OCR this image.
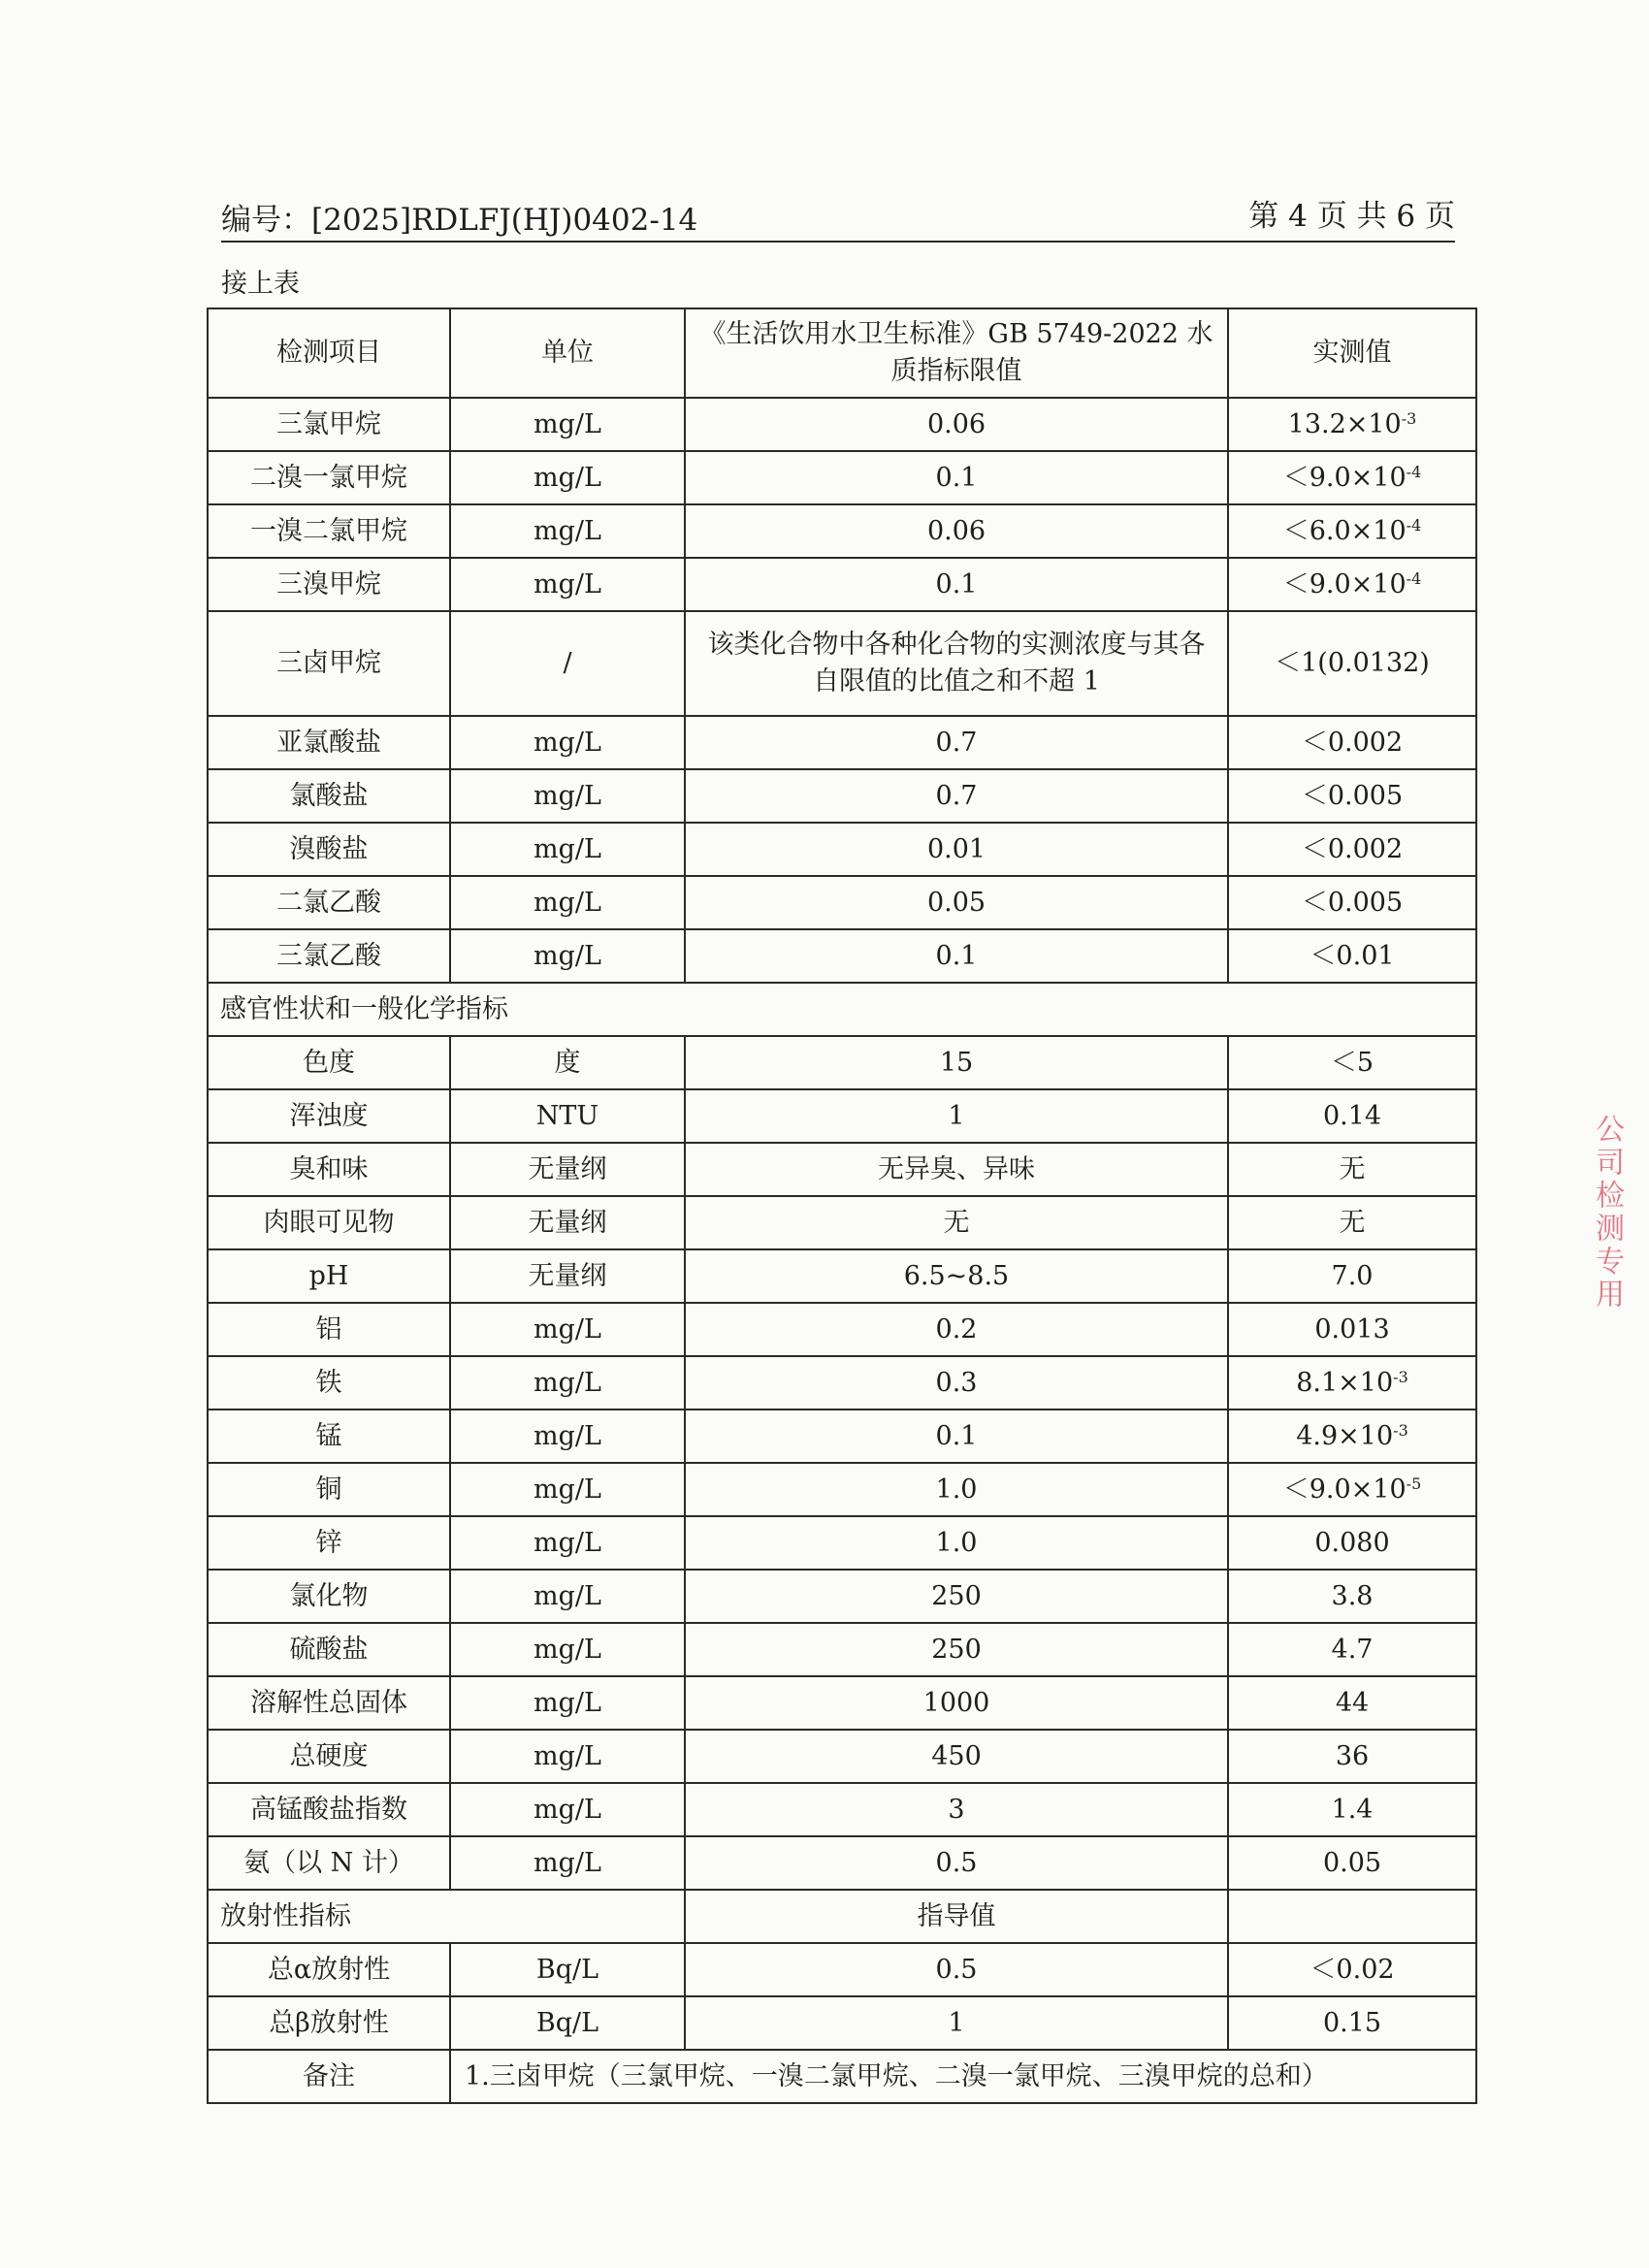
编号：[2025]RDLFJ(HJ)0402-14	第 4 页 共 6 页
接上表
检测项目	单位	《生活饮用水卫生标准》GB 5749-2022 水质指标限值	实测值
三氯甲烷	mg/L	0.06	$13.2\times 10^{-3}$
二溴一氯甲烷	mg/L	0.1	$<9.0\times 10^{-4}$
一溴二氯甲烷	mg/L	0.06	$<6.0\times 10^{-4}$
三溴甲烷	mg/L	0.1	$<9.0\times 10^{-4}$
三卤甲烷	/	该类化合物中各种化合物的实测浓度与其各自限值的比值之和不超 1	＜1(0.0132)
亚氯酸盐	mg/L	0.7	＜0.002
氯酸盐	mg/L	0.7	＜0.005
溴酸盐	mg/L	0.01	＜0.002
二氯乙酸	mg/L	0.05	＜0.005
三氯乙酸	mg/L	0.1	＜0.01
感官性状和一般化学指标			
色度	度	15	＜5
浑浊度	NTU	1	0.14
臭和味	无量纲	无异臭、异味	无
肉眼可见物	无量纲	无	无
pH	无量纲	6.5~8.5	7.0
铝	mg/L	0.2	0.013
铁	mg/L	0.3	$8.1\times 10^{-3}$
锰	mg/L	0.1	$4.9\times 10^{-3}$
铜	mg/L	1.0	$<9.0\times 10^{-5}$
锌	mg/L	1.0	0.080
氯化物	mg/L	250	3.8
硫酸盐	mg/L	250	4.7
溶解性总固体	mg/L	1000	44
总硬度	mg/L	450	36
高锰酸盐指数	mg/L	3	1.4
氨（以 N 计）	mg/L	0.5	0.05
放射性指标		指导值	
总α放射性	Bq/L	0.5	＜0.02
总β放射性	Bq/L	1	0.15
备注	1.三卤甲烷（三氯甲烷、一溴二氯甲烷、二溴一氯甲烷、三溴甲烷的总和）		
公司检测专用
